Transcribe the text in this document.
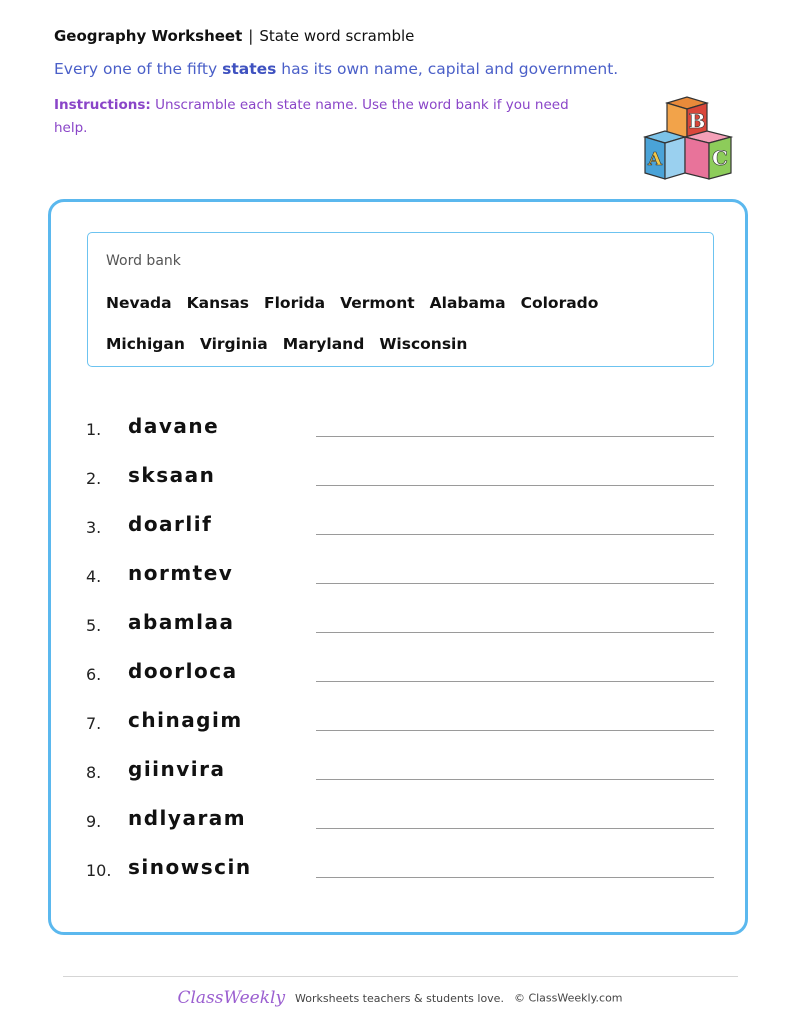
Geography Worksheet | State word scramble
Every one of the fifty states has its own name, capital and government.
Instructions: Unscramble each state name. Use the word bank if you need help.	B
A	C
Word bank
Nevada Kansas Florida Vermont Alabama ColoradoMichigan Virginia Maryland Wisconsin
1. davane
2. sksaan
3. doarlif
4. normtev
5. abamlaa
6. doorloca
7. chinagim
8. giinvira
9. ndlyaram
10. sinowscin
ClassWeekly Worksheets teachers & students love. © ClassWeekly.com
